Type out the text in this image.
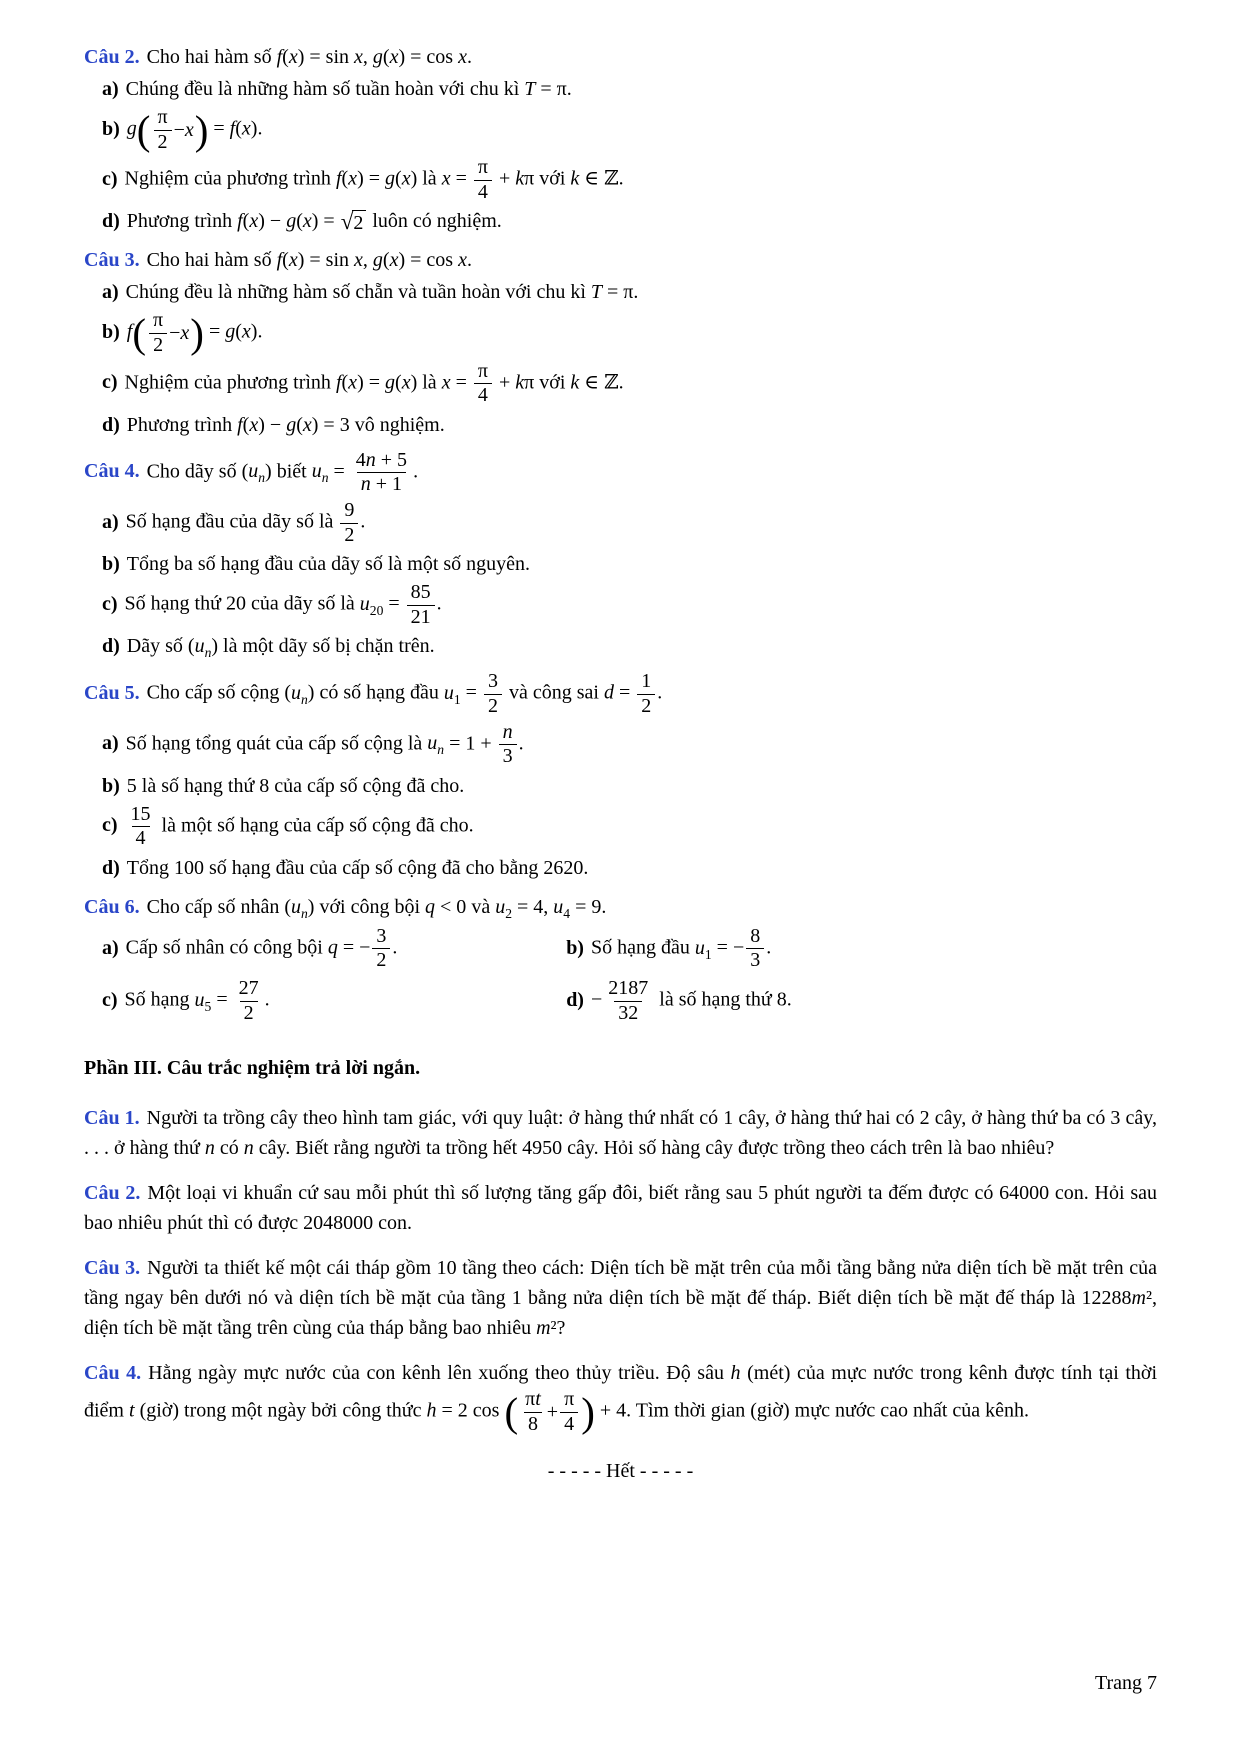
Câu 2. Cho hai hàm số f(x) = sin x, g(x) = cos x.
a) Chúng đều là những hàm số tuần hoàn với chu kì T = π.
b) g ( $\frac{\pi}{2} - x$ ) = f(x).
c) Nghiệm của phương trình f(x) = g(x) là $x = \frac{\pi}{4} + k\pi$ với k ∈ ℤ.
d) Phương trình f(x) − g(x) = √ 2 luôn có nghiệm.
Câu 3. Cho hai hàm số f(x) = sin x, g(x) = cos x.
a) Chúng đều là những hàm số chẵn và tuần hoàn với chu kì T = π.
b) f ( $\frac{\pi}{2} - x$ ) = g(x).
c) Nghiệm của phương trình f(x) = g(x) là $x = \frac{\pi}{4} + k\pi$ với k ∈ ℤ.
d) Phương trình f(x) − g(x) = 3 vô nghiệm.
Câu 4. Cho dãy số $(u_n)$ biết $u_n = \frac{4n + 5}{n + 1}$ .
a) Số hạng đầu của dãy số là $\frac{9}{2}$ .
b) Tổng ba số hạng đầu của dãy số là một số nguyên.
c) Số hạng thứ 20 của dãy số là $u_{20} = \frac{85}{21}$ .
d) Dãy số $(u_n)$ là một dãy số bị chặn trên.
Câu 5. Cho cấp số cộng $(u_n)$ có số hạng đầu $u_1 = \frac{3}{2}$ và công sai $d = \frac{1}{2}$ .
a) Số hạng tổng quát của cấp số cộng là $u_n = 1 + \frac{n}{3}$ .
b) 5 là số hạng thứ 8 của cấp số cộng đã cho.
$c) \frac{15}{4}$ là một số hạng của cấp số cộng đã cho.
d) Tổng 100 số hạng đầu của cấp số cộng đã cho bằng 2620.
Câu 6. Cho cấp số nhân $(u_n)$ với công bội q < 0 và $u_2 = 4$, $u_4 = 9$.
a) Cấp số nhân có công bội q = − $\frac{3}{2}$ .	b) Số hạng đầu $u_1$ = − $\frac{8}{3}$ .
c) Số hạng $u_5 = \frac{27}{2}$ .	$d) - \frac{2187}{32}$ là số hạng thứ 8.
Phần III. Câu trắc nghiệm trả lời ngắn.

Câu 1. Người ta trồng cây theo hình tam giác, với quy luật: ở hàng thứ nhất có 1 cây, ở hàng thứ hai có 2 cây, ở hàng thứ ba có 3 cây, . . . ở hàng thứ n có n cây. Biết rằng người ta trồng hết 4950 cây. Hỏi số hàng cây được trồng theo cách trên là bao nhiêu?

Câu 2. Một loại vi khuẩn cứ sau mỗi phút thì số lượng tăng gấp đôi, biết rằng sau 5 phút người ta đếm được có 64000 con. Hỏi sau bao nhiêu phút thì có được 2048000 con.

Câu 3. Người ta thiết kế một cái tháp gồm 10 tầng theo cách: Diện tích bề mặt trên của mỗi tầng bằng nửa diện tích bề mặt trên của tầng ngay bên dưới nó và diện tích bề mặt của tầng 1 bằng nửa diện tích bề mặt đế tháp. Biết diện tích bề mặt đế tháp là 12288m², diện tích bề mặt tầng trên cùng của tháp bằng bao nhiêu m²?

Câu 4. Hằng ngày mực nước của con kênh lên xuống theo thủy triều. Độ sâu h (mét) của mực nước trong kênh được tính tại thời điểm t (giờ) trong một ngày bởi công thức h = 2 cos ( $\frac{\pi t}{8} + \frac{\pi}{4}$ ) + 4. Tìm thời gian (giờ) mực nước cao nhất của kênh.

- - - - - Hết - - - - -
Trang 7
